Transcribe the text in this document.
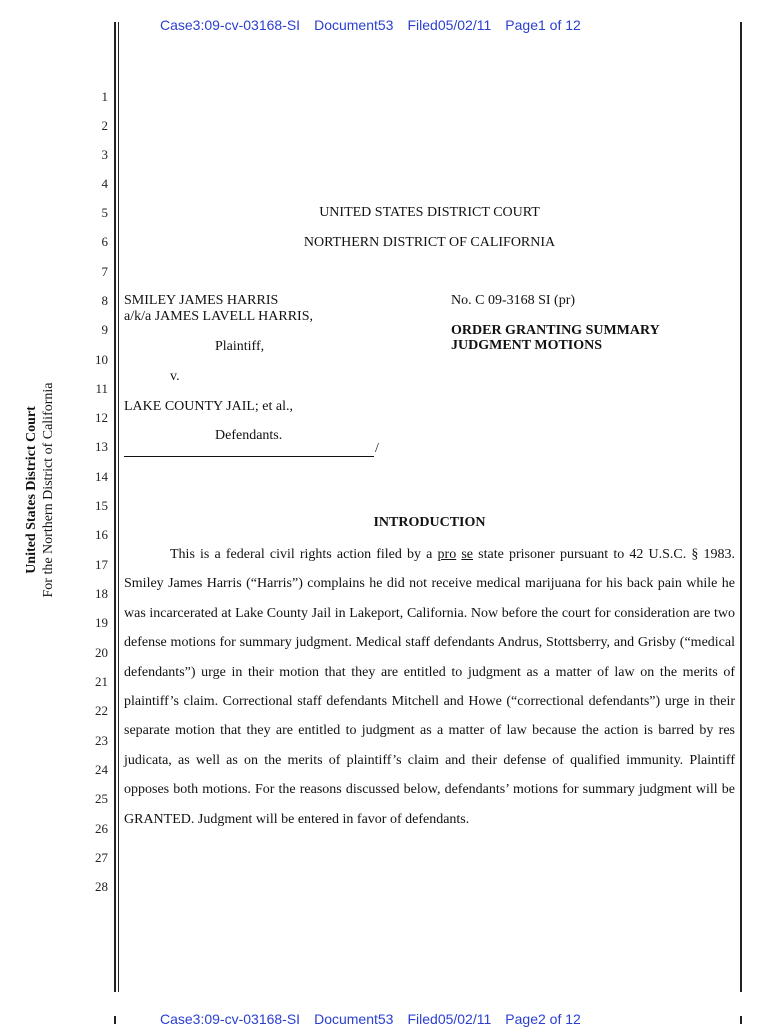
Case3:09-cv-03168-SI Document53 Filed05/02/11 Page1 of 12
United States District Court For the Northern District of California
1
2
3
4
5
6
7
8
9
10
11
12
13
14
15
16
17
18
19
20
21
22
23
24
25
26
27
28
UNITED STATES DISTRICT COURT
NORTHERN DISTRICT OF CALIFORNIA
SMILEY JAMES HARRIS
a/k/a JAMES LAVELL HARRIS,
Plaintiff,
v.
LAKE COUNTY JAIL; et al.,
Defendants.
/
No. C 09-3168 SI (pr)
ORDER GRANTING SUMMARY
JUDGMENT MOTIONS
INTRODUCTION
This is a federal civil rights action filed by a pro se state prisoner pursuant to 42 U.S.C. § 1983. Smiley James Harris (“Harris”) complains he did not receive medical marijuana for his back pain while he was incarcerated at Lake County Jail in Lakeport, California. Now before the court for consideration are two defense motions for summary judgment. Medical staff defendants Andrus, Stottsberry, and Grisby (“medical defendants”) urge in their motion that they are entitled to judgment as a matter of law on the merits of plaintiff’s claim. Correctional staff defendants Mitchell and Howe (“correctional defendants”) urge in their separate motion that they are entitled to judgment as a matter of law because the action is barred by res judicata, as well as on the merits of plaintiff’s claim and their defense of qualified immunity. Plaintiff opposes both motions. For the reasons discussed below, defendants’ motions for summary judgment will be GRANTED. Judgment will be entered in favor of defendants.
Case3:09-cv-03168-SI Document53 Filed05/02/11 Page2 of 12
